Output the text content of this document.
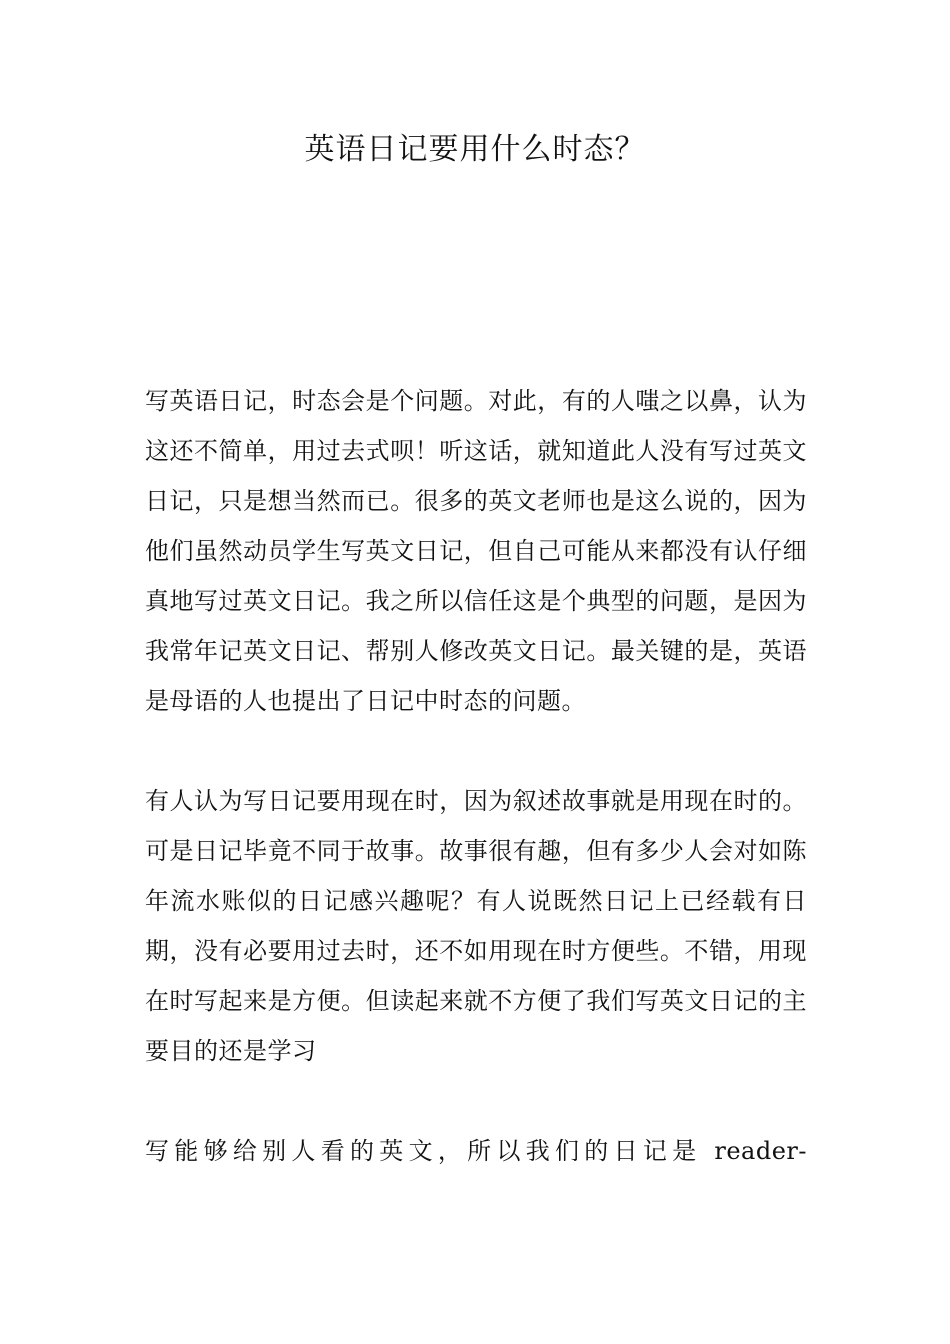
英语日记要用什么时态？

写英语日记，时态会是个问题。对此，有的人嗤之以鼻，认为这还不简单，用过去式呗！听这话，就知道此人没有写过英文日记，只是想当然而已。很多的英文老师也是这么说的，因为他们虽然动员学生写英文日记，但自己可能从来都没有认仔细真地写过英文日记。我之所以信任这是个典型的问题，是因为我常年记英文日记、帮别人修改英文日记。最关键的是，英语是母语的人也提出了日记中时态的问题。

有人认为写日记要用现在时，因为叙述故事就是用现在时的。可是日记毕竟不同于故事。故事很有趣，但有多少人会对如陈年流水账似的日记感兴趣呢？有人说既然日记上已经载有日期，没有必要用过去时，还不如用现在时方便些。不错，用现在时写起来是方便。但读起来就不方便了我们写英文日记的主要目的还是学习

写能够给别人看的英文，所以我们的日记是 reader-
